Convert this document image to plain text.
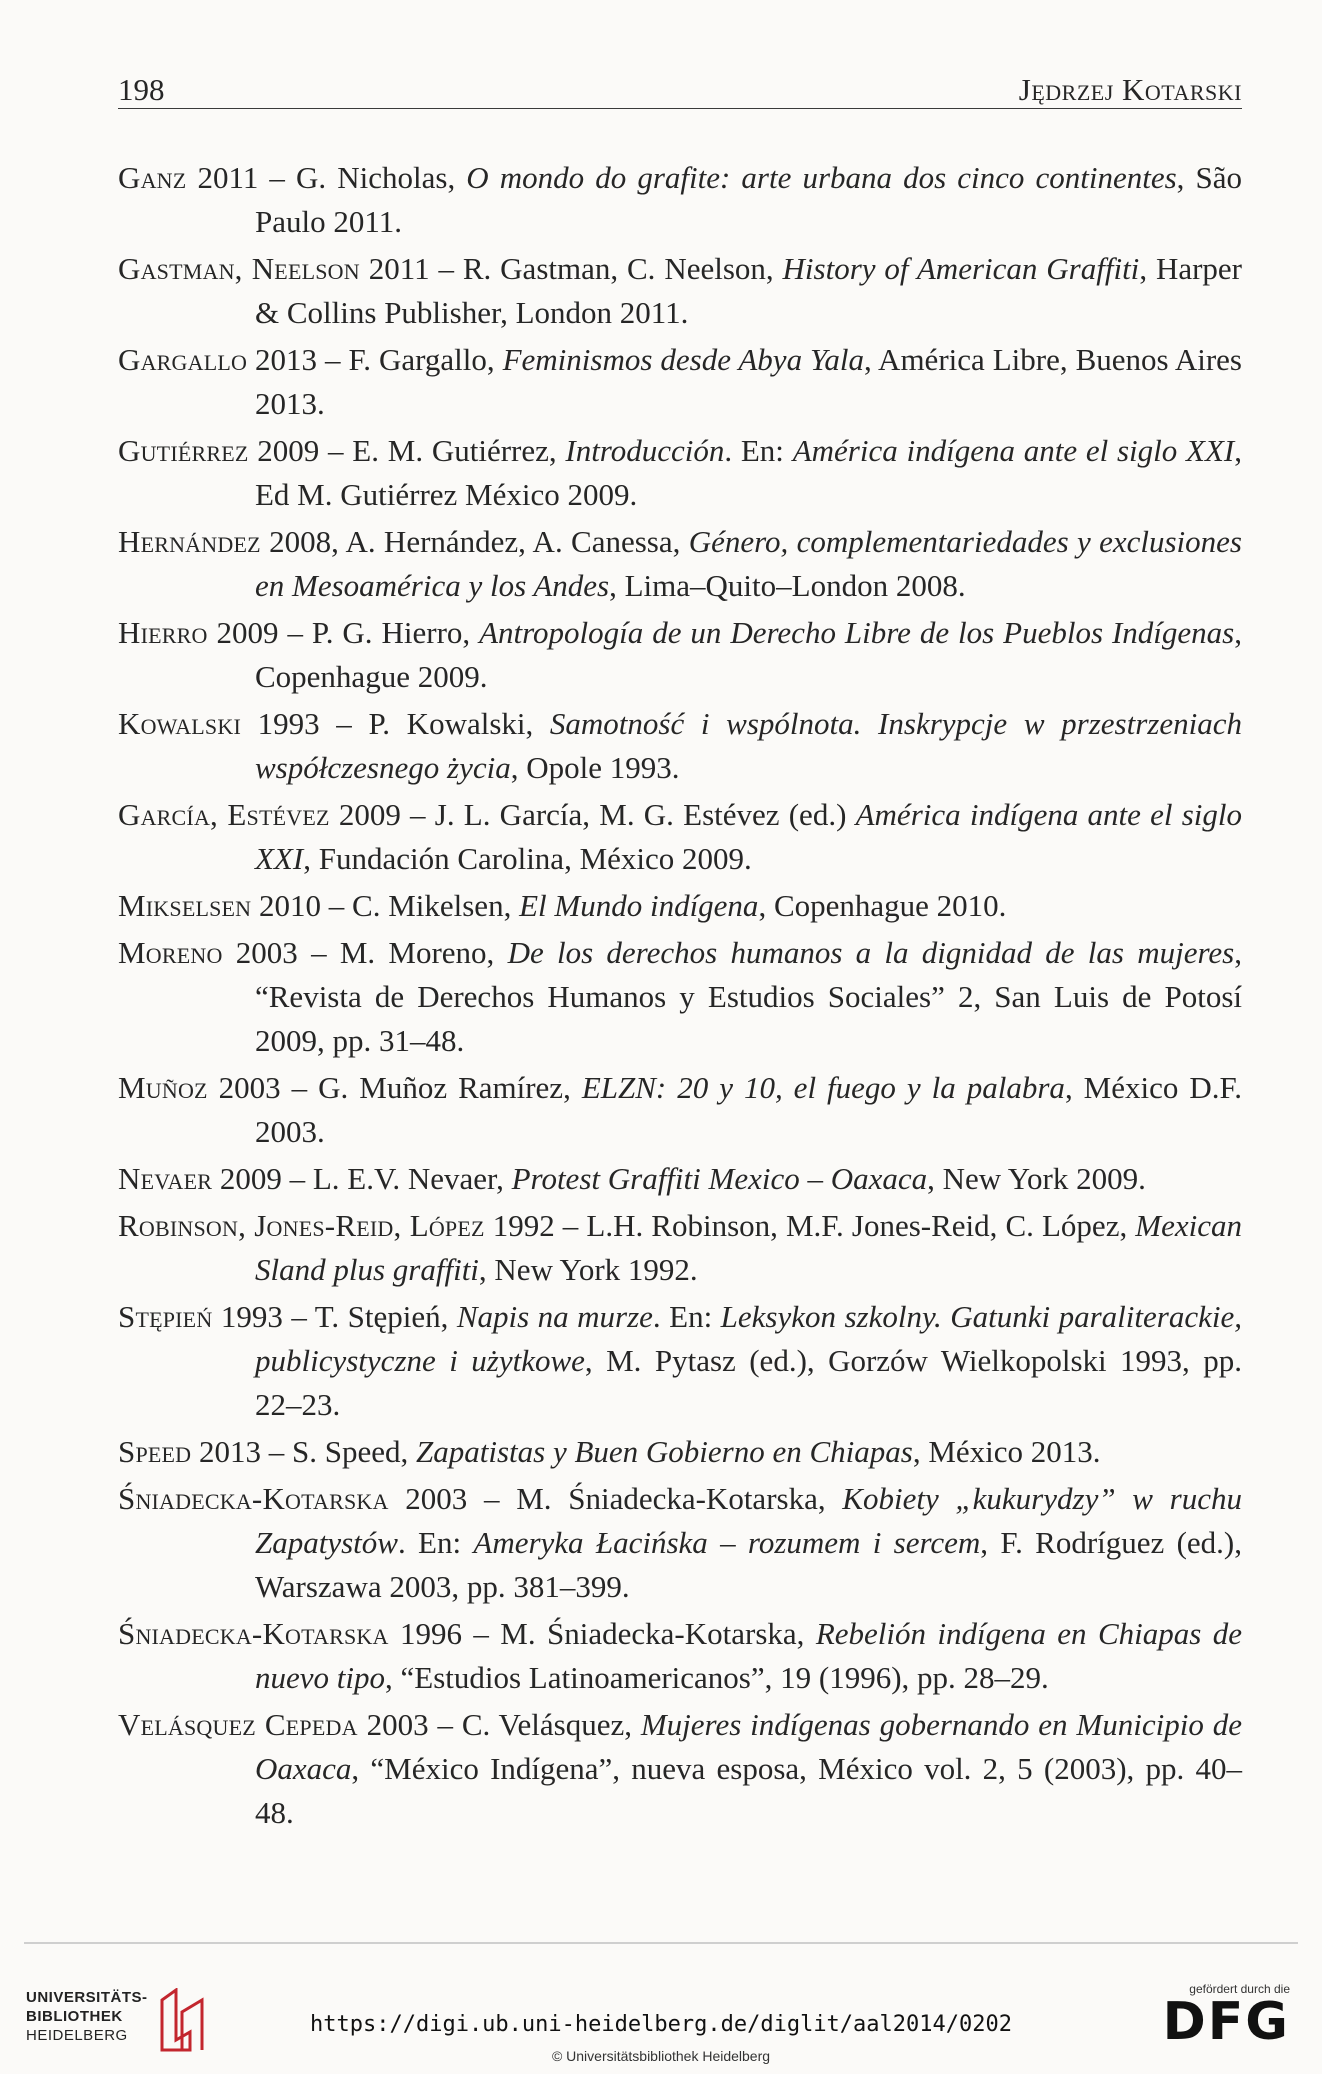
198	Jędrzej Kotarski
Ganz 2011 – G. Nicholas, O mondo do grafite: arte urbana dos cinco continentes, São Paulo 2011.
Gastman, Neelson 2011 – R. Gastman, C. Neelson, History of American Graffiti, Harper & Collins Publisher, London 2011.
Gargallo 2013 – F. Gargallo, Feminismos desde Abya Yala, América Libre, Buenos Aires 2013.
Gutiérrez 2009 – E. M. Gutiérrez, Introducción. En: América indígena ante el siglo XXI, Ed M. Gutiérrez México 2009.
Hernández 2008, A. Hernández, A. Canessa, Género, complementariedades y exclusiones en Mesoamérica y los Andes, Lima–Quito–London 2008.
Hierro 2009 – P. G. Hierro, Antropología de un Derecho Libre de los Pueblos Indígenas, Copenhague 2009.
Kowalski 1993 – P. Kowalski, Samotność i wspólnota. Inskrypcje w przestrzeniach współczesnego życia, Opole 1993.
García, Estévez 2009 – J. L. García, M. G. Estévez (ed.) América indígena ante el siglo XXI, Fundación Carolina, México 2009.
Mikselsen 2010 – C. Mikelsen, El Mundo indígena, Copenhague 2010.
Moreno 2003 – M. Moreno, De los derechos humanos a la dignidad de las mujeres, “Revista de Derechos Humanos y Estudios Sociales” 2, San Luis de Potosí 2009, pp. 31–48.
Muñoz 2003 – G. Muñoz Ramírez, ELZN: 20 y 10, el fuego y la palabra, México D.F. 2003.
Nevaer 2009 – L. E.V. Nevaer, Protest Graffiti Mexico – Oaxaca, New York 2009.
Robinson, Jones-Reid, López 1992 – L.H. Robinson, M.F. Jones-Reid, C. López, Mexican Sland plus graffiti, New York 1992.
Stępień 1993 – T. Stępień, Napis na murze. En: Leksykon szkolny. Gatunki paraliterackie, publicystyczne i użytkowe, M. Pytasz (ed.), Gorzów Wielkopolski 1993, pp. 22–23.
Speed 2013 – S. Speed, Zapatistas y Buen Gobierno en Chiapas, México 2013.
Śniadecka-Kotarska 2003 – M. Śniadecka-Kotarska, Kobiety „kukurydzy” w ruchu Zapatystów. En: Ameryka Łacińska – rozumem i sercem, F. Rodríguez (ed.), Warszawa 2003, pp. 381–399.
Śniadecka-Kotarska 1996 – M. Śniadecka-Kotarska, Rebelión indígena en Chiapas de nuevo tipo, “Estudios Latinoamericanos”, 19 (1996), pp. 28–29.
Velásquez Cepeda 2003 – C. Velásquez, Mujeres indígenas gobernando en Municipio de Oaxaca, “México Indígena”, nueva esposa, México vol. 2, 5 (2003), pp. 40–48.
UNIVERSITÄTS-
BIBLIOTHEK
HEIDELBERG	https://digi.ub.uni-heidelberg.de/diglit/aal2014/0202
© Universitätsbibliothek Heidelberg
gefördert durch die
DFG
